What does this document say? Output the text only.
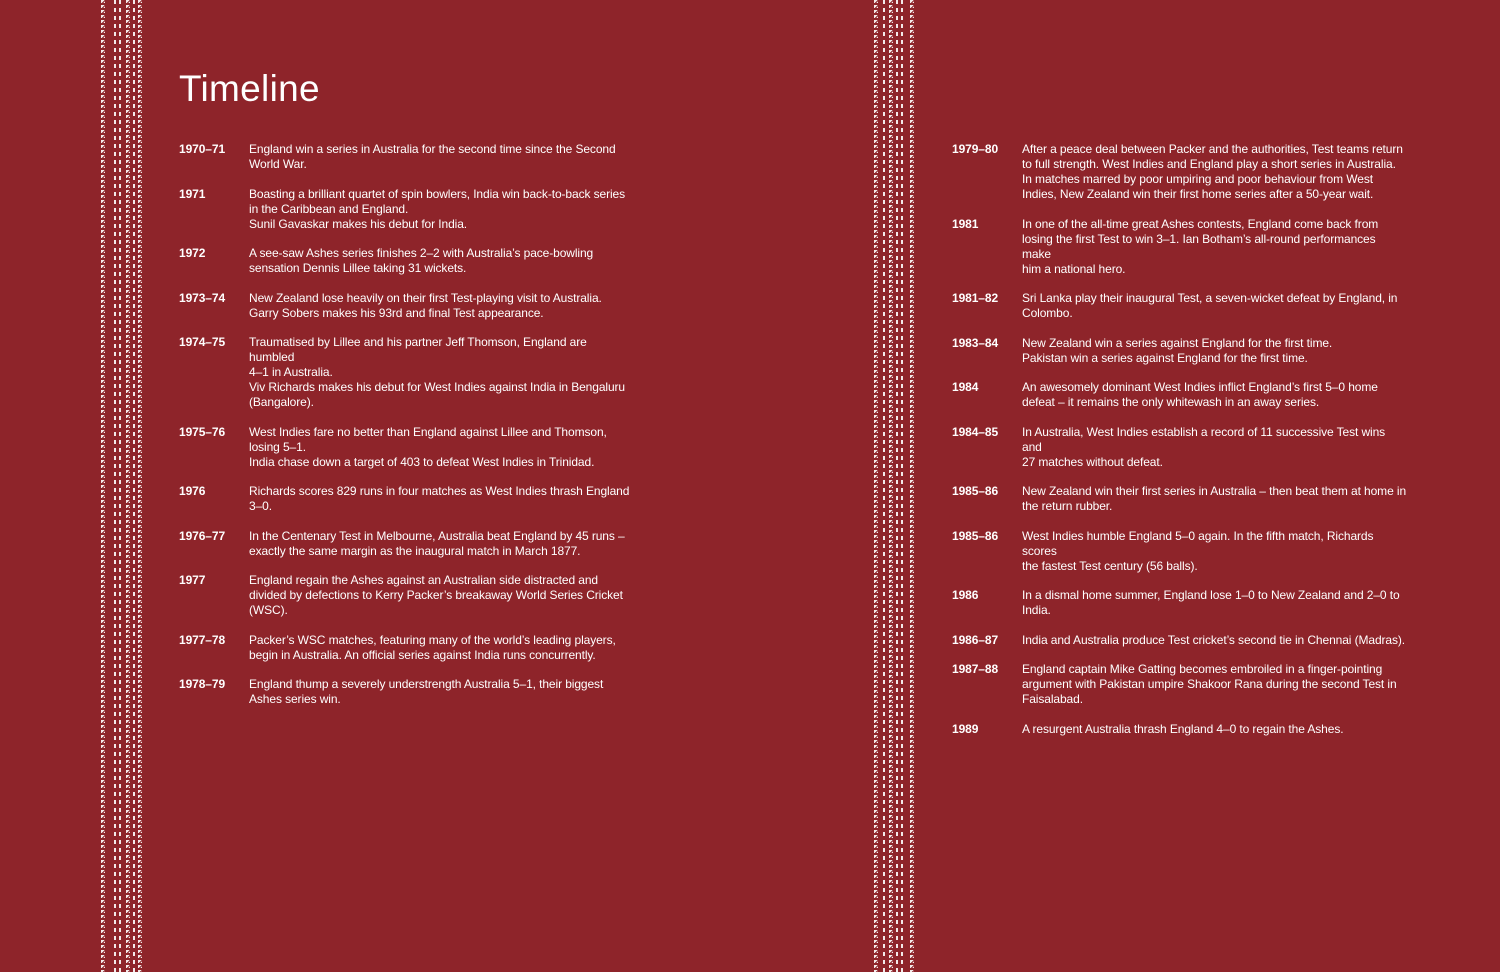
Timeline
1970–71	England win a series in Australia for the second time since the Second
World War.
1971	Boasting a brilliant quartet of spin bowlers, India win back-to-back series
in the Caribbean and England.
Sunil Gavaskar makes his debut for India.
1972	A see-saw Ashes series finishes 2–2 with Australia’s pace-bowling
sensation Dennis Lillee taking 31 wickets.
1973–74	New Zealand lose heavily on their first Test-playing visit to Australia.
Garry Sobers makes his 93rd and final Test appearance.
1974–75	Traumatised by Lillee and his partner Jeff Thomson, England are humbled
4–1 in Australia.
Viv Richards makes his debut for West Indies against India in Bengaluru
(Bangalore).
1975–76	West Indies fare no better than England against Lillee and Thomson,
losing 5–1.
India chase down a target of 403 to defeat West Indies in Trinidad.
1976	Richards scores 829 runs in four matches as West Indies thrash England
3–0.
1976–77	In the Centenary Test in Melbourne, Australia beat England by 45 runs –
exactly the same margin as the inaugural match in March 1877.
1977	England regain the Ashes against an Australian side distracted and
divided by defections to Kerry Packer’s breakaway World Series Cricket
(WSC).
1977–78	Packer’s WSC matches, featuring many of the world’s leading players,
begin in Australia. An official series against India runs concurrently.
1978–79	England thump a severely understrength Australia 5–1, their biggest
Ashes series win.
1979–80	After a peace deal between Packer and the authorities, Test teams return
to full strength. West Indies and England play a short series in Australia.
In matches marred by poor umpiring and poor behaviour from West
Indies, New Zealand win their first home series after a 50-year wait.
1981	In one of the all-time great Ashes contests, England come back from
losing the first Test to win 3–1. Ian Botham’s all-round performances make
him a national hero.
1981–82	Sri Lanka play their inaugural Test, a seven-wicket defeat by England, in
Colombo.
1983–84	New Zealand win a series against England for the first time.
Pakistan win a series against England for the first time.
1984	An awesomely dominant West Indies inflict England’s first 5–0 home
defeat – it remains the only whitewash in an away series.
1984–85	In Australia, West Indies establish a record of 11 successive Test wins and
27 matches without defeat.
1985–86	New Zealand win their first series in Australia – then beat them at home in
the return rubber.
1985–86	West Indies humble England 5–0 again. In the fifth match, Richards scores
the fastest Test century (56 balls).
1986	In a dismal home summer, England lose 1–0 to New Zealand and 2–0 to
India.
1986–87	India and Australia produce Test cricket’s second tie in Chennai (Madras).
1987–88	England captain Mike Gatting becomes embroiled in a finger-pointing
argument with Pakistan umpire Shakoor Rana during the second Test in
Faisalabad.
1989	A resurgent Australia thrash England 4–0 to regain the Ashes.
